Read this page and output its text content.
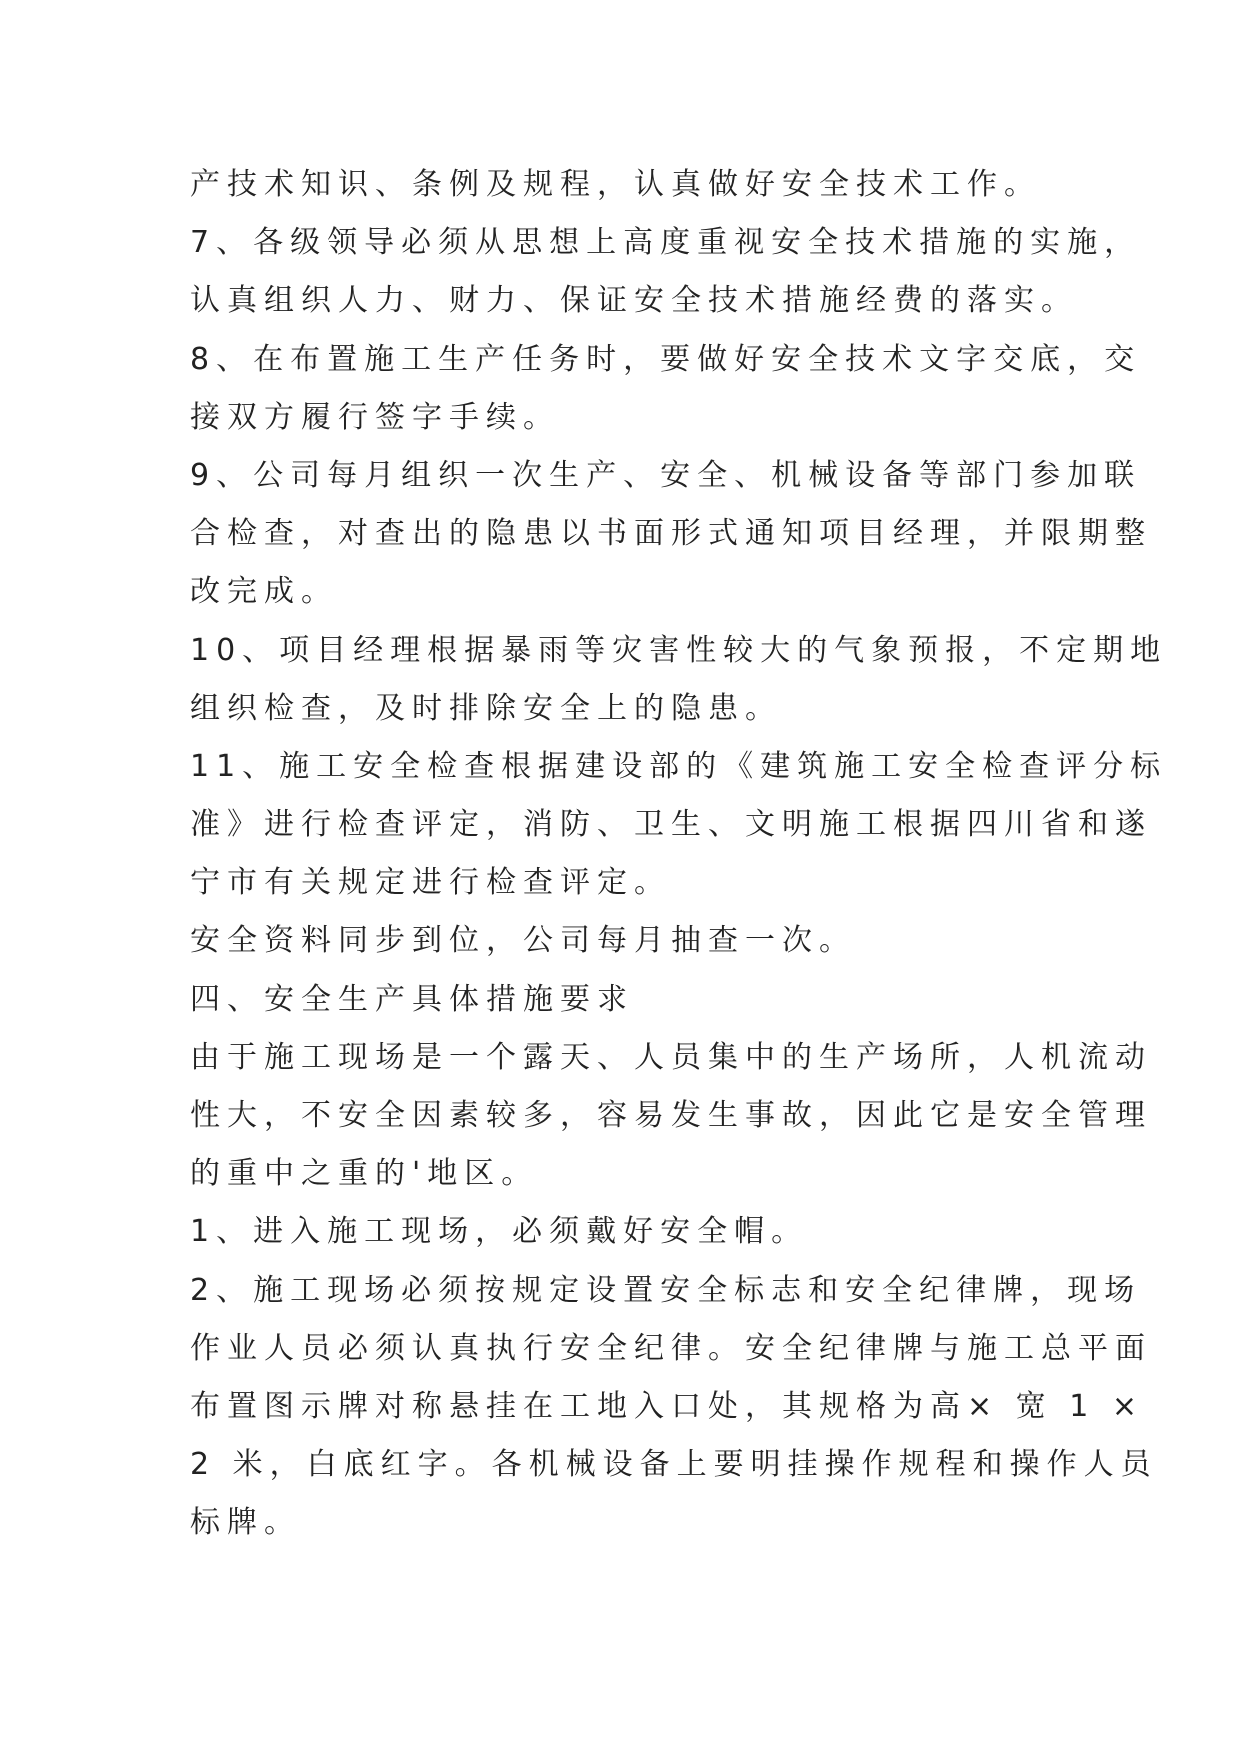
产技术知识、条例及规程，认真做好安全技术工作。
7、各级领导必须从思想上高度重视安全技术措施的实施，
认真组织人力、财力、保证安全技术措施经费的落实。
8、在布置施工生产任务时，要做好安全技术文字交底，交
接双方履行签字手续。
9、公司每月组织一次生产、安全、机械设备等部门参加联
合检查，对查出的隐患以书面形式通知项目经理，并限期整
改完成。
10、项目经理根据暴雨等灾害性较大的气象预报，不定期地
组织检查，及时排除安全上的隐患。
11、施工安全检查根据建设部的《建筑施工安全检查评分标
准》进行检查评定，消防、卫生、文明施工根据四川省和遂
宁市有关规定进行检查评定。
安全资料同步到位，公司每月抽查一次。
四、安全生产具体措施要求
由于施工现场是一个露天、人员集中的生产场所，人机流动
性大，不安全因素较多，容易发生事故，因此它是安全管理
的重中之重的'地区。
1、进入施工现场，必须戴好安全帽。
2、施工现场必须按规定设置安全标志和安全纪律牌，现场
作业人员必须认真执行安全纪律。安全纪律牌与施工总平面
布置图示牌对称悬挂在工地入口处，其规格为高× 宽 1 ×
2 米，白底红字。各机械设备上要明挂操作规程和操作人员
标牌。
